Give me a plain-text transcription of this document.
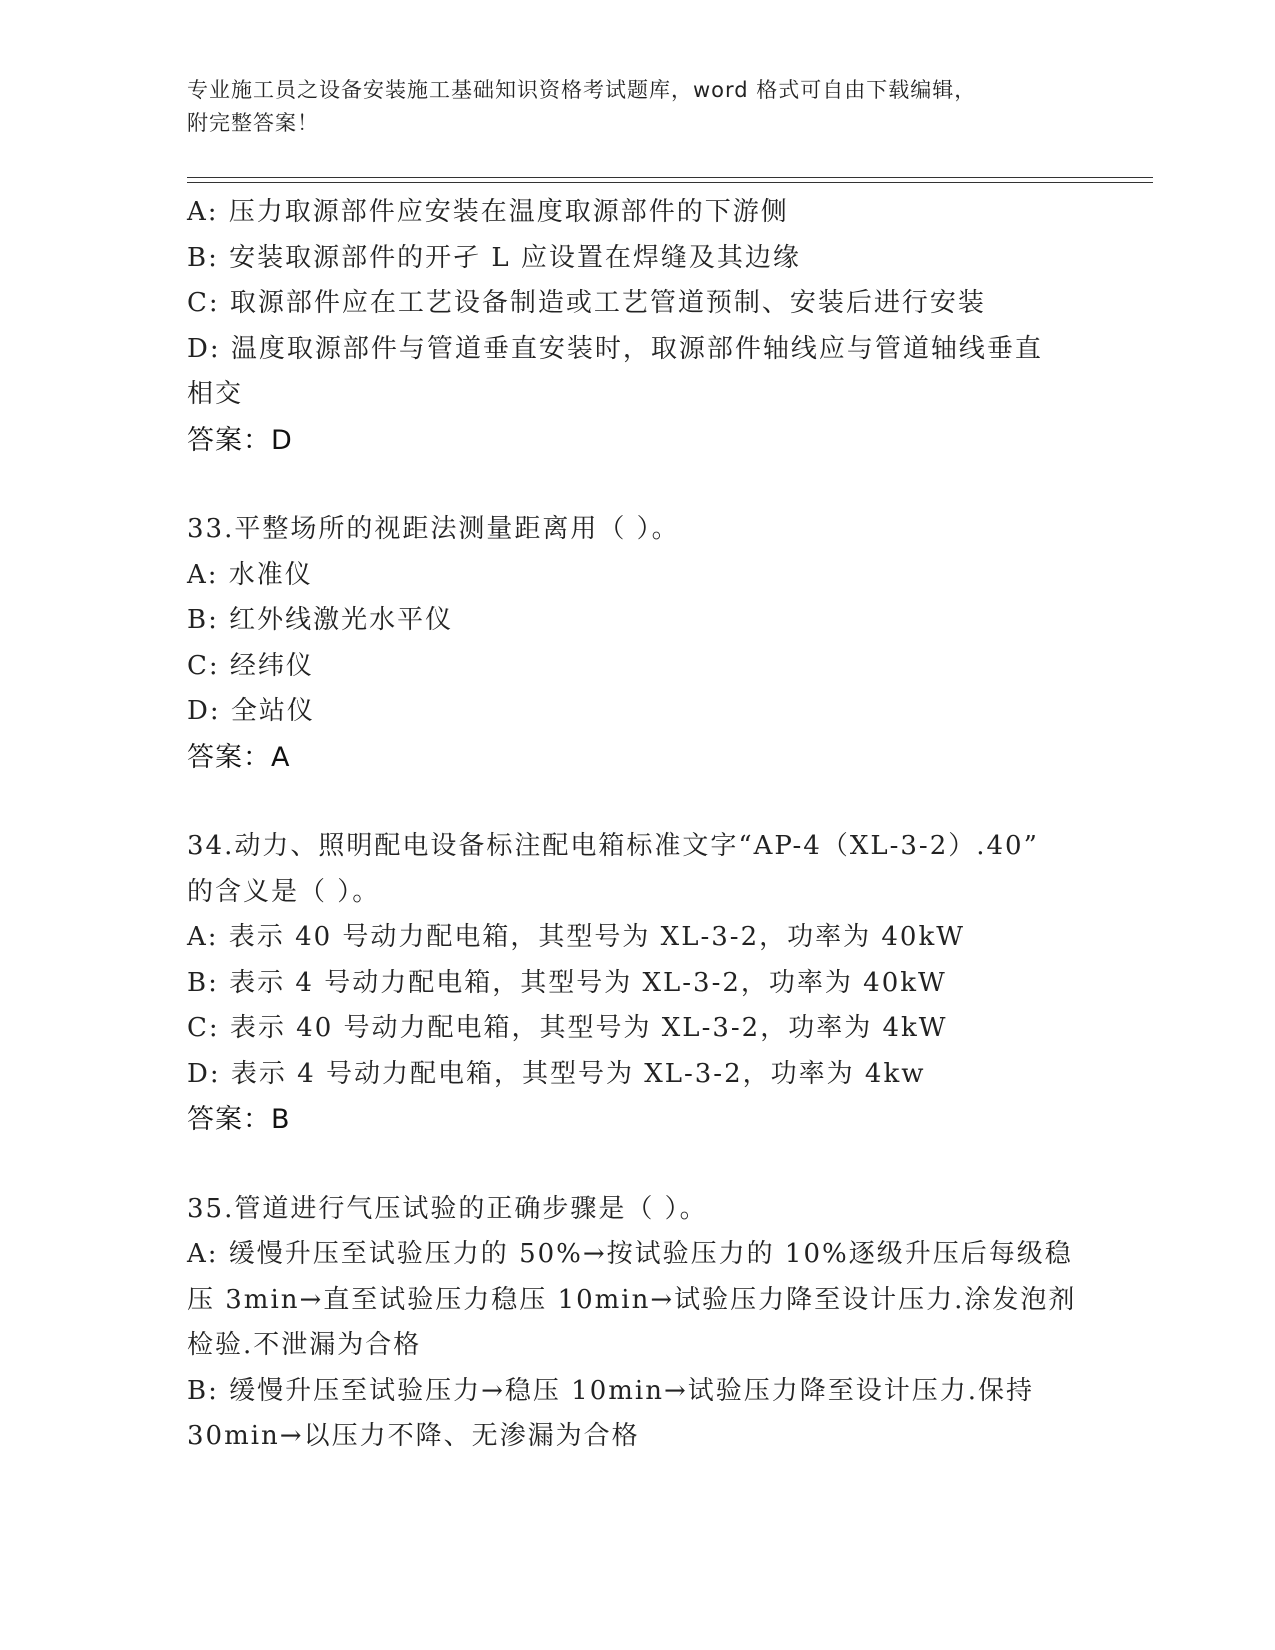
专业施工员之设备安装施工基础知识资格考试题库，word 格式可自由下载编辑，
附完整答案！
A: 压力取源部件应安装在温度取源部件的下游侧
B: 安装取源部件的开孑 L 应设置在焊缝及其边缘
C: 取源部件应在工艺设备制造或工艺管道预制、安装后进行安装
D: 温度取源部件与管道垂直安装时，取源部件轴线应与管道轴线垂直
相交
答案：D
33.平整场所的视距法测量距离用（ ）。
A: 水准仪
B: 红外线激光水平仪
C: 经纬仪
D: 全站仪
答案：A
34.动力、照明配电设备标注配电箱标准文字“AP-4（XL-3-2）.40”
的含义是（ ）。
A: 表示 40 号动力配电箱，其型号为 XL-3-2，功率为 40kW
B: 表示 4 号动力配电箱，其型号为 XL-3-2，功率为 40kW
C: 表示 40 号动力配电箱，其型号为 XL-3-2，功率为 4kW
D: 表示 4 号动力配电箱，其型号为 XL-3-2，功率为 4kw
答案：B
35.管道进行气压试验的正确步骤是（ ）。
A: 缓慢升压至试验压力的 50%→按试验压力的 10%逐级升压后每级稳
压 3min→直至试验压力稳压 10min→试验压力降至设计压力.涂发泡剂
检验.不泄漏为合格
B: 缓慢升压至试验压力→稳压 10min→试验压力降至设计压力.保持
30min→以压力不降、无渗漏为合格
